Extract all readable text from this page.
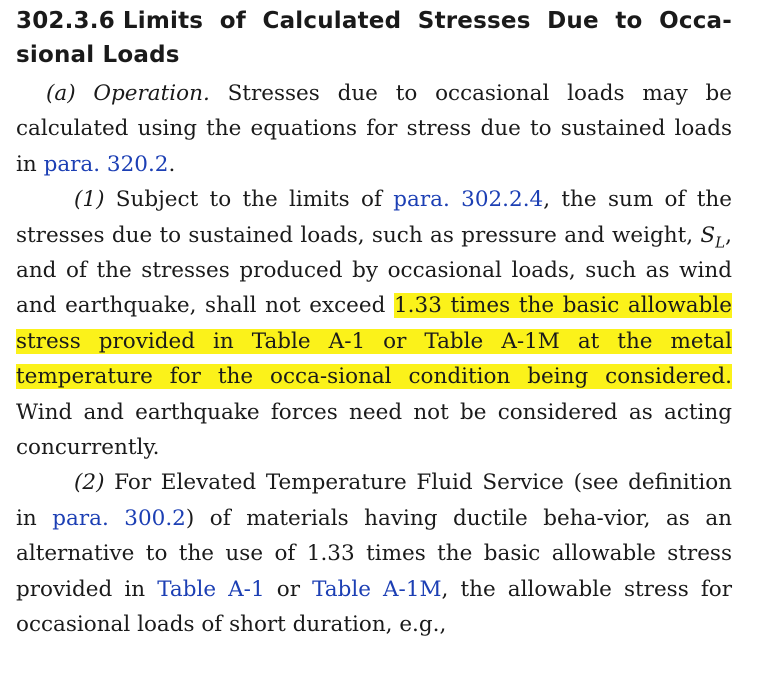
302.3.6 Limits of Calculated Stresses Due to Occa-sional Loads

(a) Operation. Stresses due to occasional loads may be calculated using the equations for stress due to sustained loads in para. 320.2.

(1) Subject to the limits of para. 302.2.4, the sum of the stresses due to sustained loads, such as pressure and weight, $S_L$, and of the stresses produced by occasional loads, such as wind and earthquake, shall not exceed 1.33 times the basic allowable stress provided in Table A-1 or Table A-1M at the metal temperature for the occa-sional condition being considered. Wind and earthquake forces need not be considered as acting concurrently.

(2) For Elevated Temperature Fluid Service (see definition in para. 300.2) of materials having ductile beha-vior, as an alternative to the use of 1.33 times the basic allowable stress provided in Table A-1 or Table A-1M, the allowable stress for occasional loads of short duration, e.g.,
